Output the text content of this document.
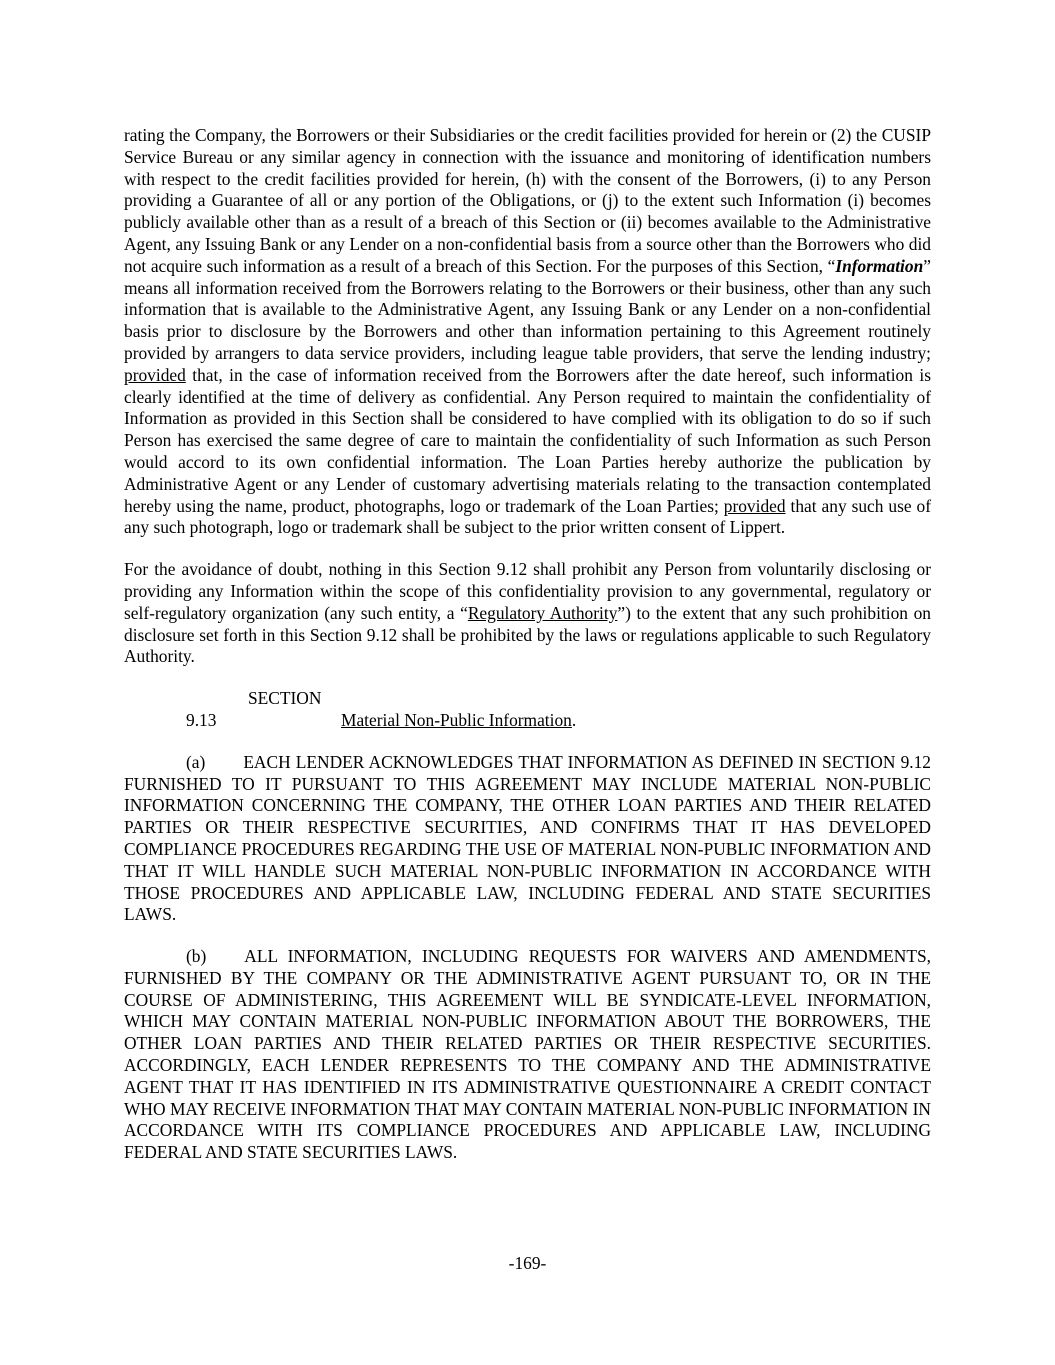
rating the Company, the Borrowers or their Subsidiaries or the credit facilities provided for herein or (2) the CUSIP Service Bureau or any similar agency in connection with the issuance and monitoring of identification numbers with respect to the credit facilities provided for herein, (h) with the consent of the Borrowers, (i) to any Person providing a Guarantee of all or any portion of the Obligations, or (j) to the extent such Information (i) becomes publicly available other than as a result of a breach of this Section or (ii) becomes available to the Administrative Agent, any Issuing Bank or any Lender on a non-confidential basis from a source other than the Borrowers who did not acquire such information as a result of a breach of this Section. For the purposes of this Section, “Information” means all information received from the Borrowers relating to the Borrowers or their business, other than any such information that is available to the Administrative Agent, any Issuing Bank or any Lender on a non-confidential basis prior to disclosure by the Borrowers and other than information pertaining to this Agreement routinely provided by arrangers to data service providers, including league table providers, that serve the lending industry; provided that, in the case of information received from the Borrowers after the date hereof, such information is clearly identified at the time of delivery as confidential. Any Person required to maintain the confidentiality of Information as provided in this Section shall be considered to have complied with its obligation to do so if such Person has exercised the same degree of care to maintain the confidentiality of such Information as such Person would accord to its own confidential information. The Loan Parties hereby authorize the publication by Administrative Agent or any Lender of customary advertising materials relating to the transaction contemplated hereby using the name, product, photographs, logo or trademark of the Loan Parties; provided that any such use of any such photograph, logo or trademark shall be subject to the prior written consent of Lippert.

For the avoidance of doubt, nothing in this Section 9.12 shall prohibit any Person from voluntarily disclosing or providing any Information within the scope of this confidentiality provision to any governmental, regulatory or self-regulatory organization (any such entity, a “Regulatory Authority”) to the extent that any such prohibition on disclosure set forth in this Section 9.12 shall be prohibited by the laws or regulations applicable to such Regulatory Authority.

SECTION 9.13	Material Non-Public Information.

(a) EACH LENDER ACKNOWLEDGES THAT INFORMATION AS DEFINED IN SECTION 9.12 FURNISHED TO IT PURSUANT TO THIS AGREEMENT MAY INCLUDE MATERIAL NON-PUBLIC INFORMATION CONCERNING THE COMPANY, THE OTHER LOAN PARTIES AND THEIR RELATED PARTIES OR THEIR RESPECTIVE SECURITIES, AND CONFIRMS THAT IT HAS DEVELOPED COMPLIANCE PROCEDURES REGARDING THE USE OF MATERIAL NON-PUBLIC INFORMATION AND THAT IT WILL HANDLE SUCH MATERIAL NON-PUBLIC INFORMATION IN ACCORDANCE WITH THOSE PROCEDURES AND APPLICABLE LAW, INCLUDING FEDERAL AND STATE SECURITIES LAWS.

(b) ALL INFORMATION, INCLUDING REQUESTS FOR WAIVERS AND AMENDMENTS, FURNISHED BY THE COMPANY OR THE ADMINISTRATIVE AGENT PURSUANT TO, OR IN THE COURSE OF ADMINISTERING, THIS AGREEMENT WILL BE SYNDICATE-LEVEL INFORMATION, WHICH MAY CONTAIN MATERIAL NON-PUBLIC INFORMATION ABOUT THE BORROWERS, THE OTHER LOAN PARTIES AND THEIR RELATED PARTIES OR THEIR RESPECTIVE SECURITIES. ACCORDINGLY, EACH LENDER REPRESENTS TO THE COMPANY AND THE ADMINISTRATIVE AGENT THAT IT HAS IDENTIFIED IN ITS ADMINISTRATIVE QUESTIONNAIRE A CREDIT CONTACT WHO MAY RECEIVE INFORMATION THAT MAY CONTAIN MATERIAL NON-PUBLIC INFORMATION IN ACCORDANCE WITH ITS COMPLIANCE PROCEDURES AND APPLICABLE LAW, INCLUDING FEDERAL AND STATE SECURITIES LAWS.

-169-
